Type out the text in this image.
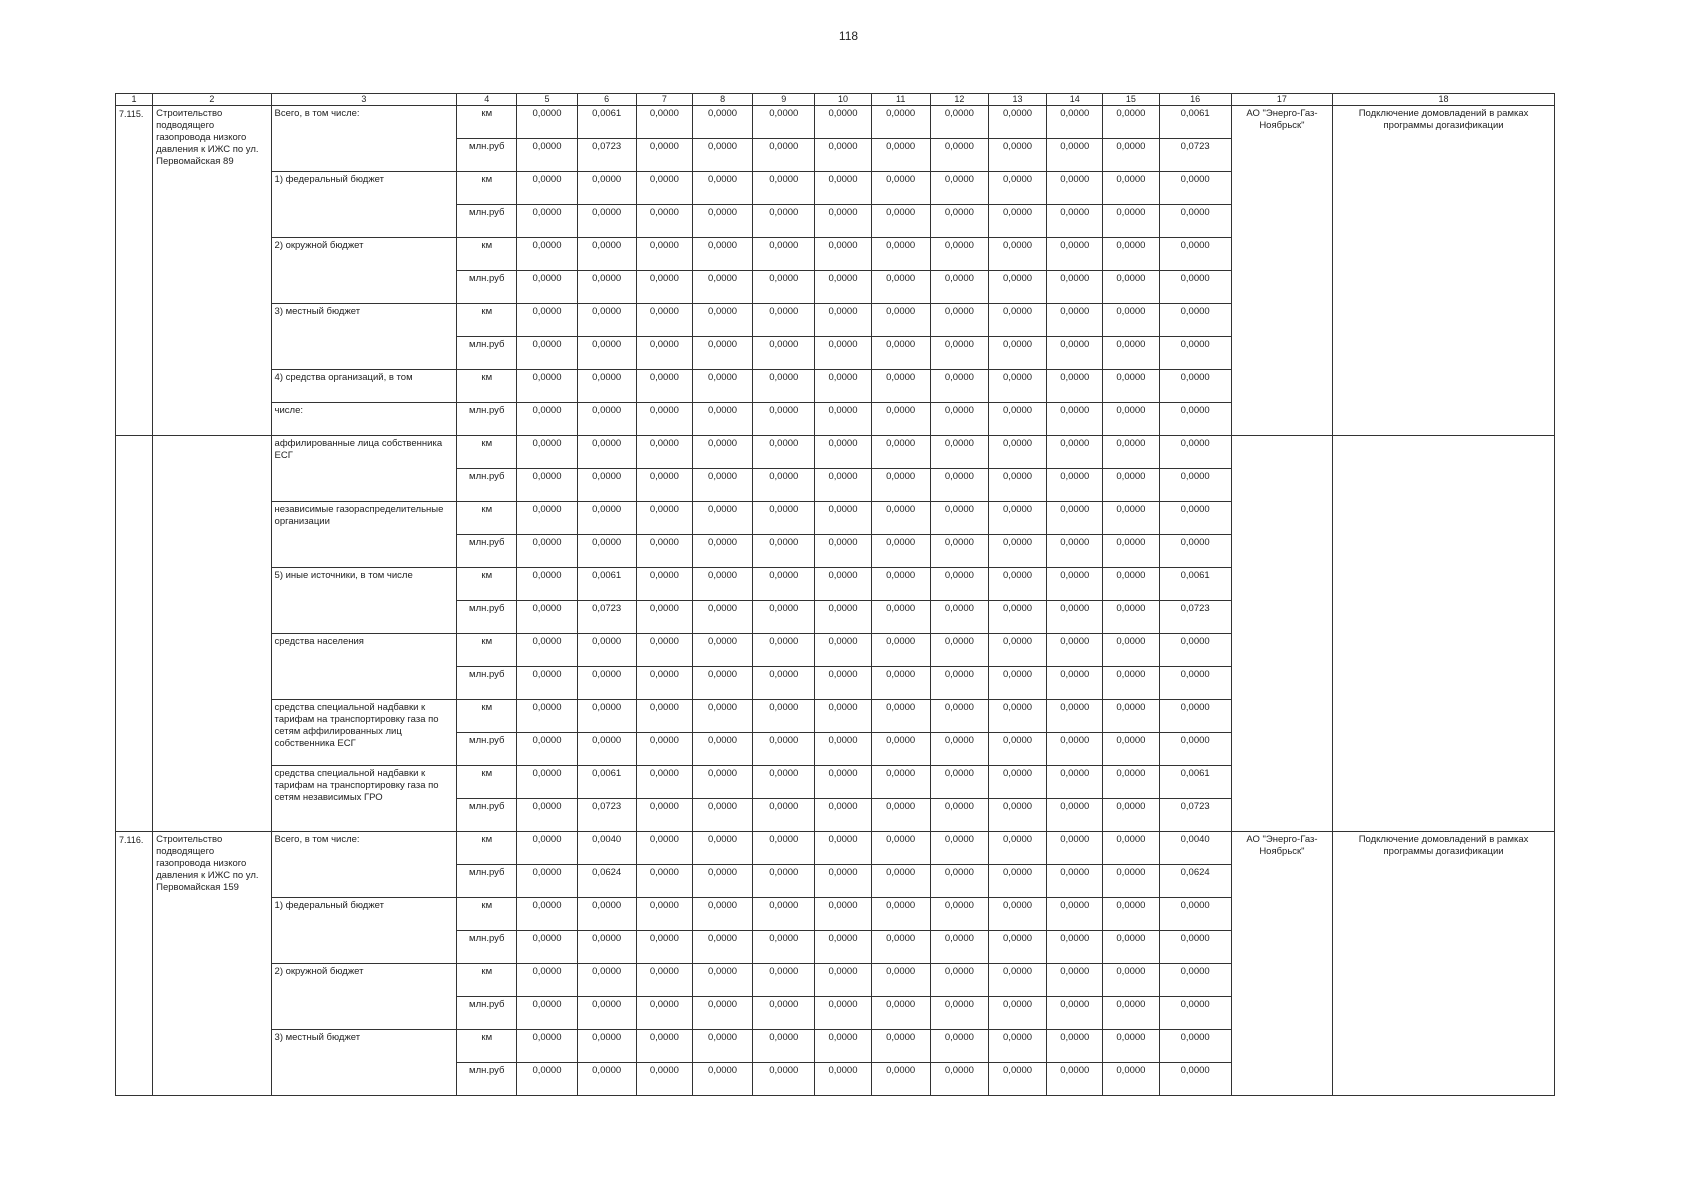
118
1	2	3	4	5	6	7	8	9	10	11	12	13	14	15	16	17	18
7.115.	Строительство подводящего газопровода низкого давления к ИЖС по ул. Первомайская 89	Всего, в том числе:	км	0,0000	0,0061	0,0000	0,0000	0,0000	0,0000	0,0000	0,0000	0,0000	0,0000	0,0000	0,0061	АО "Энерго-Газ-Ноябрьск"	Подключение домовладений в рамках программы догазификации
			млн.руб	0,0000	0,0723	0,0000	0,0000	0,0000	0,0000	0,0000	0,0000	0,0000	0,0000	0,0000	0,0723		
		1) федеральный бюджет	км	0,0000	0,0000	0,0000	0,0000	0,0000	0,0000	0,0000	0,0000	0,0000	0,0000	0,0000	0,0000		
			млн.руб	0,0000	0,0000	0,0000	0,0000	0,0000	0,0000	0,0000	0,0000	0,0000	0,0000	0,0000	0,0000		
		2) окружной бюджет	км	0,0000	0,0000	0,0000	0,0000	0,0000	0,0000	0,0000	0,0000	0,0000	0,0000	0,0000	0,0000		
			млн.руб	0,0000	0,0000	0,0000	0,0000	0,0000	0,0000	0,0000	0,0000	0,0000	0,0000	0,0000	0,0000		
		3) местный бюджет	км	0,0000	0,0000	0,0000	0,0000	0,0000	0,0000	0,0000	0,0000	0,0000	0,0000	0,0000	0,0000		
			млн.руб	0,0000	0,0000	0,0000	0,0000	0,0000	0,0000	0,0000	0,0000	0,0000	0,0000	0,0000	0,0000		
		4) средства организаций, в том	км	0,0000	0,0000	0,0000	0,0000	0,0000	0,0000	0,0000	0,0000	0,0000	0,0000	0,0000	0,0000		
		числе:	млн.руб	0,0000	0,0000	0,0000	0,0000	0,0000	0,0000	0,0000	0,0000	0,0000	0,0000	0,0000	0,0000		
		аффилированные лица собственника ЕСГ	км	0,0000	0,0000	0,0000	0,0000	0,0000	0,0000	0,0000	0,0000	0,0000	0,0000	0,0000	0,0000		
			млн.руб	0,0000	0,0000	0,0000	0,0000	0,0000	0,0000	0,0000	0,0000	0,0000	0,0000	0,0000	0,0000		
		независимые газораспределительные организации	км	0,0000	0,0000	0,0000	0,0000	0,0000	0,0000	0,0000	0,0000	0,0000	0,0000	0,0000	0,0000		
			млн.руб	0,0000	0,0000	0,0000	0,0000	0,0000	0,0000	0,0000	0,0000	0,0000	0,0000	0,0000	0,0000		
		5) иные источники, в том числе	км	0,0000	0,0061	0,0000	0,0000	0,0000	0,0000	0,0000	0,0000	0,0000	0,0000	0,0000	0,0061		
			млн.руб	0,0000	0,0723	0,0000	0,0000	0,0000	0,0000	0,0000	0,0000	0,0000	0,0000	0,0000	0,0723		
		средства населения	км	0,0000	0,0000	0,0000	0,0000	0,0000	0,0000	0,0000	0,0000	0,0000	0,0000	0,0000	0,0000		
			млн.руб	0,0000	0,0000	0,0000	0,0000	0,0000	0,0000	0,0000	0,0000	0,0000	0,0000	0,0000	0,0000		
		средства специальной надбавки к тарифам на транспортировку газа по сетям аффилированных лиц собственника ЕСГ	км	0,0000	0,0000	0,0000	0,0000	0,0000	0,0000	0,0000	0,0000	0,0000	0,0000	0,0000	0,0000		
			млн.руб	0,0000	0,0000	0,0000	0,0000	0,0000	0,0000	0,0000	0,0000	0,0000	0,0000	0,0000	0,0000		
		средства специальной надбавки к тарифам на транспортировку газа по сетям независимых ГРО	км	0,0000	0,0061	0,0000	0,0000	0,0000	0,0000	0,0000	0,0000	0,0000	0,0000	0,0000	0,0061		
			млн.руб	0,0000	0,0723	0,0000	0,0000	0,0000	0,0000	0,0000	0,0000	0,0000	0,0000	0,0000	0,0723		
7.116.	Строительство подводящего газопровода низкого давления к ИЖС по ул. Первомайская 159	Всего, в том числе:	км	0,0000	0,0040	0,0000	0,0000	0,0000	0,0000	0,0000	0,0000	0,0000	0,0000	0,0000	0,0040	АО "Энерго-Газ-Ноябрьск"	Подключение домовладений в рамках программы догазификации
			млн.руб	0,0000	0,0624	0,0000	0,0000	0,0000	0,0000	0,0000	0,0000	0,0000	0,0000	0,0000	0,0624		
		1) федеральный бюджет	км	0,0000	0,0000	0,0000	0,0000	0,0000	0,0000	0,0000	0,0000	0,0000	0,0000	0,0000	0,0000		
			млн.руб	0,0000	0,0000	0,0000	0,0000	0,0000	0,0000	0,0000	0,0000	0,0000	0,0000	0,0000	0,0000		
		2) окружной бюджет	км	0,0000	0,0000	0,0000	0,0000	0,0000	0,0000	0,0000	0,0000	0,0000	0,0000	0,0000	0,0000		
			млн.руб	0,0000	0,0000	0,0000	0,0000	0,0000	0,0000	0,0000	0,0000	0,0000	0,0000	0,0000	0,0000		
		3) местный бюджет	км	0,0000	0,0000	0,0000	0,0000	0,0000	0,0000	0,0000	0,0000	0,0000	0,0000	0,0000	0,0000		
			млн.руб	0,0000	0,0000	0,0000	0,0000	0,0000	0,0000	0,0000	0,0000	0,0000	0,0000	0,0000	0,0000		
